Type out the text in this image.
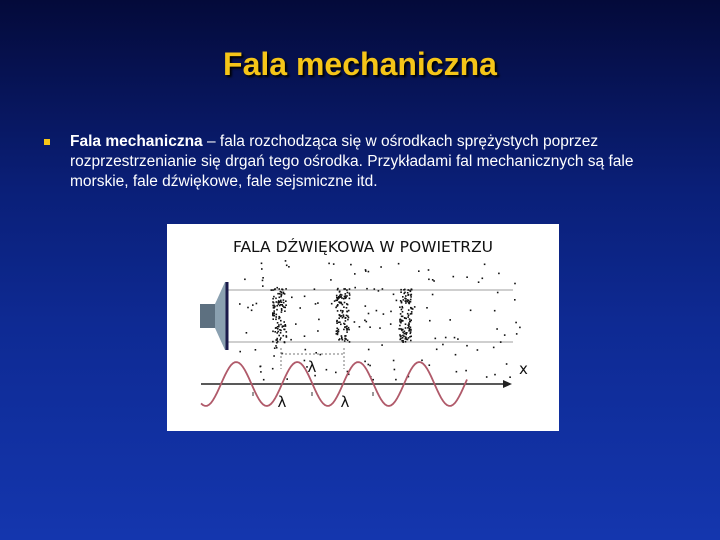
Fala mechaniczna
Fala mechaniczna – fala rozchodząca się w ośrodkach sprężystych poprzez rozprzestrzenianie się drgań tego ośrodka. Przykładami fal mechanicznych są fale morskie, fale dźwiękowe, fale sejsmiczne itd.
FALA DŹWIĘKOWA W POWIETRZU
λ	x
λ	λ
